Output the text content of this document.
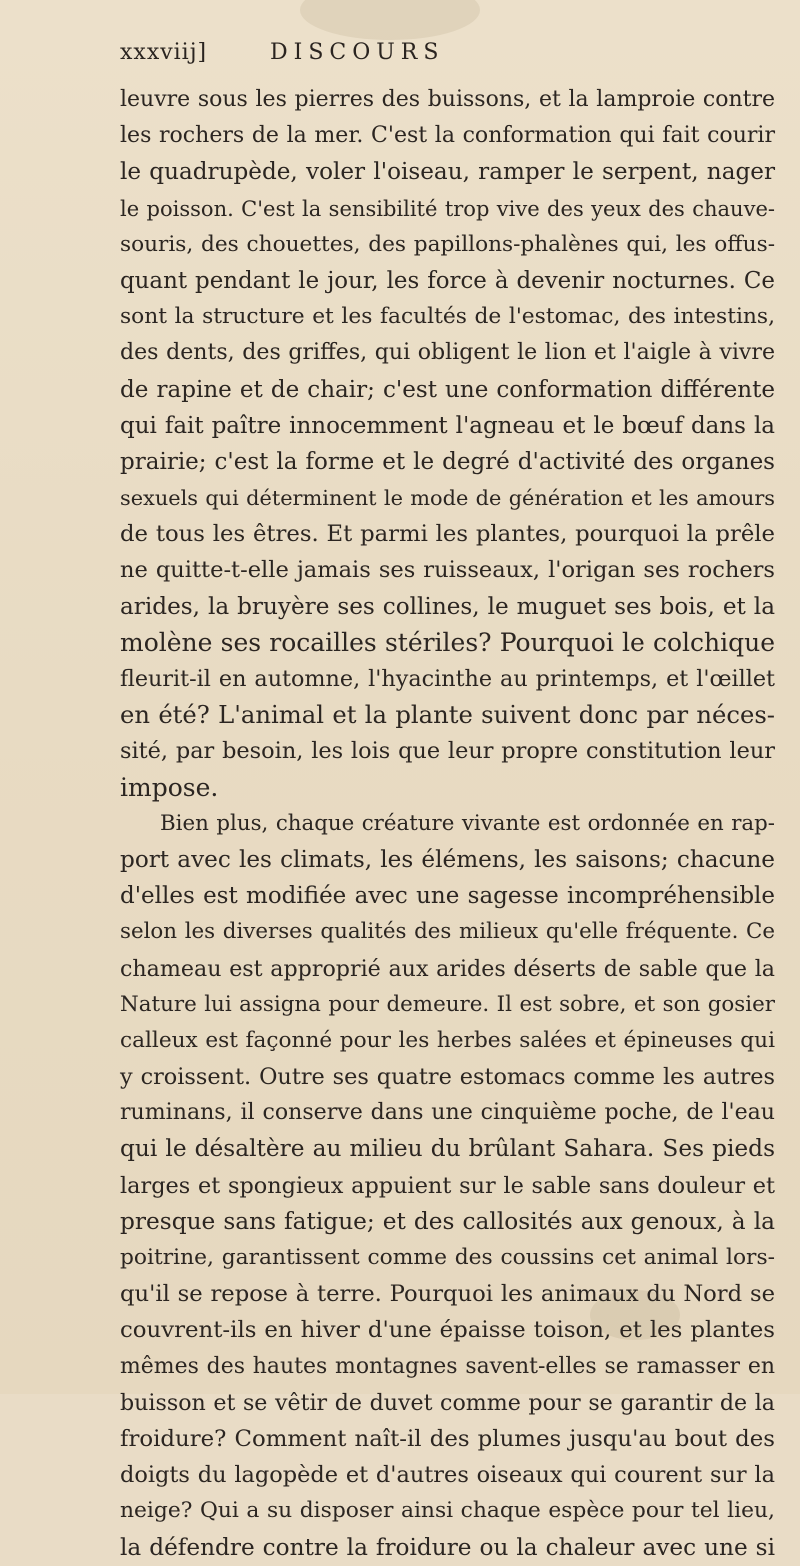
xxxviij]	DISCOURS
leuvre sous les pierres des buissons, et la lamproie contre
les rochers de la mer. C'est la conformation qui fait courir
le quadrupède, voler l'oiseau, ramper le serpent, nager
le poisson. C'est la sensibilité trop vive des yeux des chauve-
souris, des chouettes, des papillons-phalènes qui, les offus-
quant pendant le jour, les force à devenir nocturnes. Ce
sont la structure et les facultés de l'estomac, des intestins,
des dents, des griffes, qui obligent le lion et l'aigle à vivre
de rapine et de chair; c'est une conformation différente
qui fait paître innocemment l'agneau et le bœuf dans la
prairie; c'est la forme et le degré d'activité des organes
sexuels qui déterminent le mode de génération et les amours
de tous les êtres. Et parmi les plantes, pourquoi la prêle
ne quitte-t-elle jamais ses ruisseaux, l'origan ses rochers
arides, la bruyère ses collines, le muguet ses bois, et la
molène ses rocailles stériles? Pourquoi le colchique
fleurit-il en automne, l'hyacinthe au printemps, et l'œillet
en été? L'animal et la plante suivent donc par néces-
sité, par besoin, les lois que leur propre constitution leur
impose.
Bien plus, chaque créature vivante est ordonnée en rap-
port avec les climats, les élémens, les saisons; chacune
d'elles est modifiée avec une sagesse incompréhensible
selon les diverses qualités des milieux qu'elle fréquente. Ce
chameau est approprié aux arides déserts de sable que la
Nature lui assigna pour demeure. Il est sobre, et son gosier
calleux est façonné pour les herbes salées et épineuses qui
y croissent. Outre ses quatre estomacs comme les autres
ruminans, il conserve dans une cinquième poche, de l'eau
qui le désaltère au milieu du brûlant Sahara. Ses pieds
larges et spongieux appuient sur le sable sans douleur et
presque sans fatigue; et des callosités aux genoux, à la
poitrine, garantissent comme des coussins cet animal lors-
qu'il se repose à terre. Pourquoi les animaux du Nord se
couvrent-ils en hiver d'une épaisse toison, et les plantes
mêmes des hautes montagnes savent-elles se ramasser en
buisson et se vêtir de duvet comme pour se garantir de la
froidure? Comment naît-il des plumes jusqu'au bout des
doigts du lagopède et d'autres oiseaux qui courent sur la
neige? Qui a su disposer ainsi chaque espèce pour tel lieu,
la défendre contre la froidure ou la chaleur avec une si
